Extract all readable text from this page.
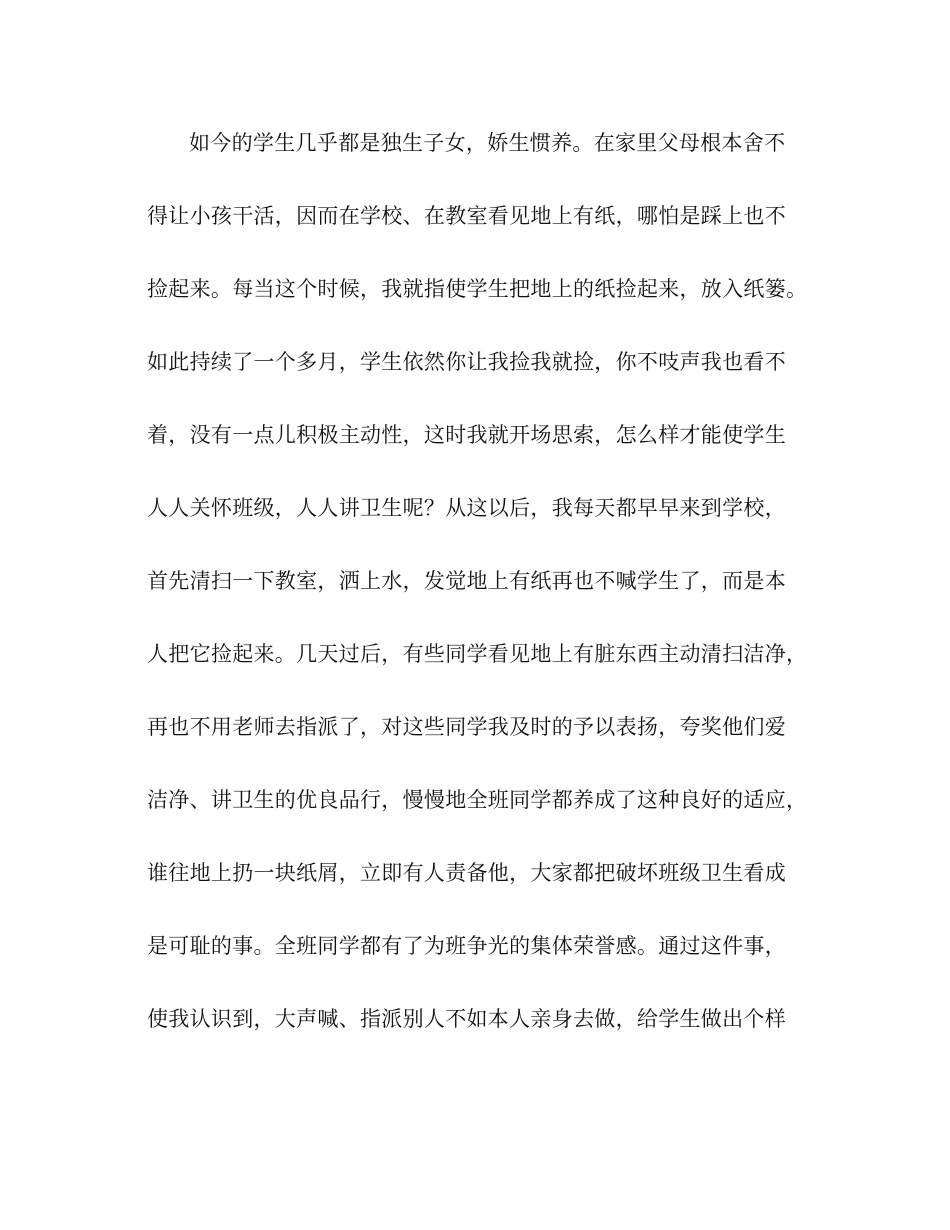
如今的学生几乎都是独生子女，娇生惯养。在家里父母根本舍不
得让小孩干活，因而在学校、在教室看见地上有纸，哪怕是踩上也不
捡起来。每当这个时候，我就指使学生把地上的纸捡起来，放入纸篓。
如此持续了一个多月，学生依然你让我捡我就捡，你不吱声我也看不
着，没有一点儿积极主动性，这时我就开场思索，怎么样才能使学生
人人关怀班级，人人讲卫生呢？从这以后，我每天都早早来到学校，
首先清扫一下教室，洒上水，发觉地上有纸再也不喊学生了，而是本
人把它捡起来。几天过后，有些同学看见地上有脏东西主动清扫洁净，
再也不用老师去指派了，对这些同学我及时的予以表扬，夸奖他们爱
洁净、讲卫生的优良品行，慢慢地全班同学都养成了这种良好的适应，
谁往地上扔一块纸屑，立即有人责备他，大家都把破坏班级卫生看成
是可耻的事。全班同学都有了为班争光的集体荣誉感。通过这件事，
使我认识到，大声喊、指派别人不如本人亲身去做，给学生做出个样
